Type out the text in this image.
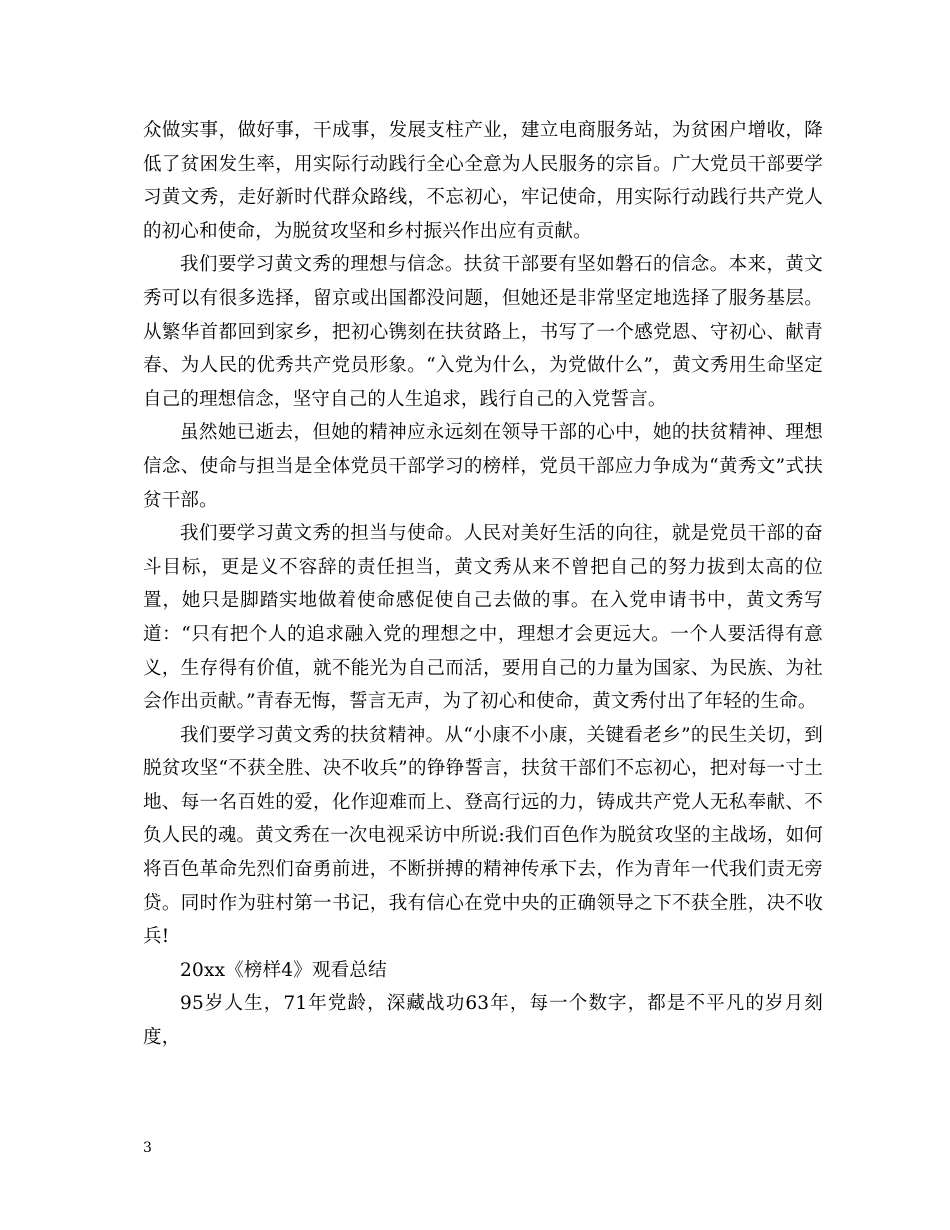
众做实事，做好事，干成事，发展支柱产业，建立电商服务站，为贫困户增收，降低了贫困发生率，用实际行动践行全心全意为人民服务的宗旨。广大党员干部要学习黄文秀，走好新时代群众路线，不忘初心，牢记使命，用实际行动践行共产党人的初心和使命，为脱贫攻坚和乡村振兴作出应有贡献。

我们要学习黄文秀的理想与信念。扶贫干部要有坚如磐石的信念。本来，黄文秀可以有很多选择，留京或出国都没问题，但她还是非常坚定地选择了服务基层。从繁华首都回到家乡，把初心镌刻在扶贫路上，书写了一个感党恩、守初心、献青春、为人民的优秀共产党员形象。“入党为什么，为党做什么”，黄文秀用生命坚定自己的理想信念，坚守自己的人生追求，践行自己的入党誓言。

虽然她已逝去，但她的精神应永远刻在领导干部的心中，她的扶贫精神、理想信念、使命与担当是全体党员干部学习的榜样，党员干部应力争成为“黄秀文”式扶贫干部。

我们要学习黄文秀的担当与使命。人民对美好生活的向往，就是党员干部的奋斗目标，更是义不容辞的责任担当，黄文秀从来不曾把自己的努力拔到太高的位置，她只是脚踏实地做着使命感促使自己去做的事。在入党申请书中，黄文秀写道：“只有把个人的追求融入党的理想之中，理想才会更远大。一个人要活得有意义，生存得有价值，就不能光为自己而活，要用自己的力量为国家、为民族、为社会作出贡献。”青春无悔，誓言无声，为了初心和使命，黄文秀付出了年轻的生命。

我们要学习黄文秀的扶贫精神。从“小康不小康，关键看老乡”的民生关切，到脱贫攻坚“不获全胜、决不收兵”的铮铮誓言，扶贫干部们不忘初心，把对每一寸土地、每一名百姓的爱，化作迎难而上、登高行远的力，铸成共产党人无私奉献、不负人民的魂。黄文秀在一次电视采访中所说:我们百色作为脱贫攻坚的主战场，如何将百色革命先烈们奋勇前进，不断拼搏的精神传承下去，作为青年一代我们责无旁贷。同时作为驻村第一书记，我有信心在党中央的正确领导之下不获全胜，决不收兵!

20xx《榜样4》观看总结

95岁人生，71年党龄，深藏战功63年，每一个数字，都是不平凡的岁月刻度，

3
